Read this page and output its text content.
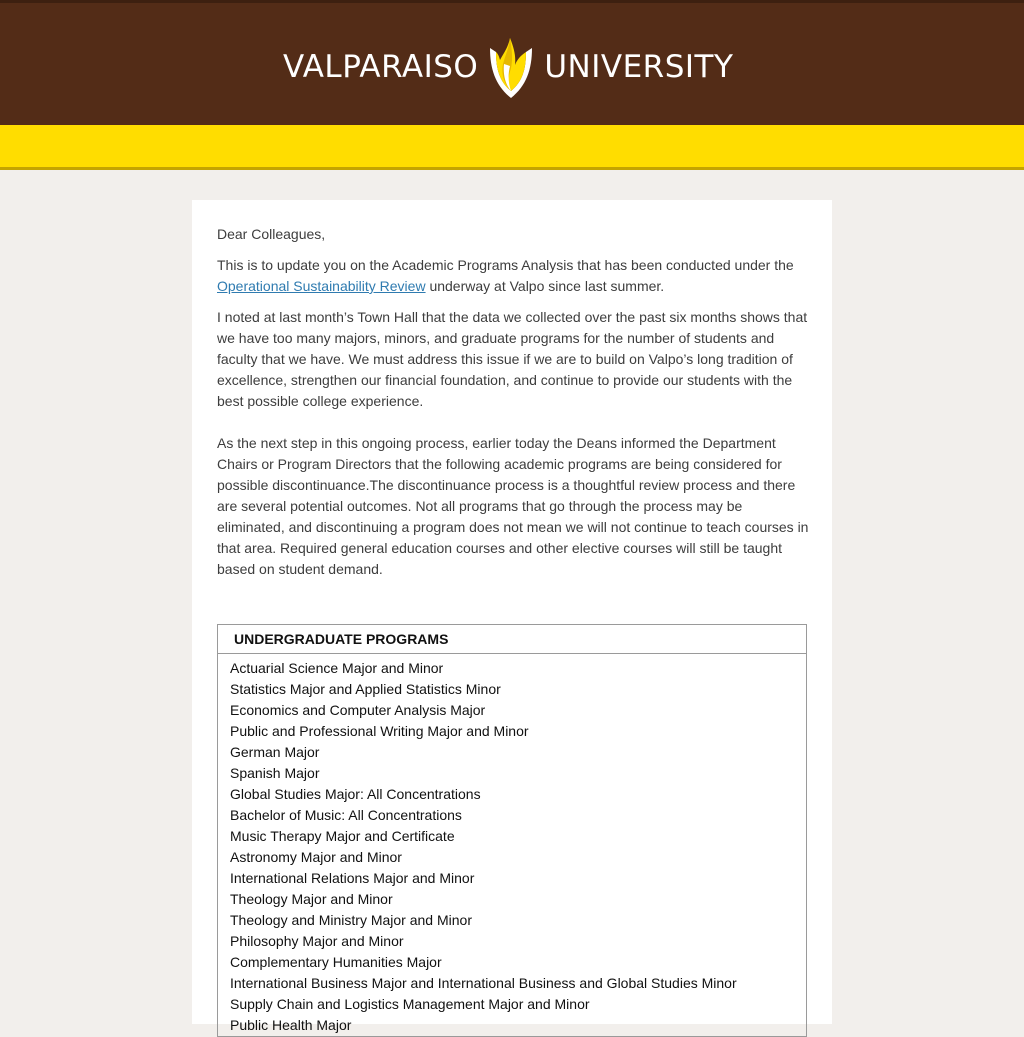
VALPARAISO UNIVERSITY

Dear Colleagues,

This is to update you on the Academic Programs Analysis that has been conducted under the Operational Sustainability Review underway at Valpo since last summer.

I noted at last month’s Town Hall that the data we collected over the past six months shows that we have too many majors, minors, and graduate programs for the number of students and faculty that we have. We must address this issue if we are to build on Valpo’s long tradition of excellence, strengthen our financial foundation, and continue to provide our students with the best possible college experience.

As the next step in this ongoing process, earlier today the Deans informed the Department Chairs or Program Directors that the following academic programs are being considered for possible discontinuance.The discontinuance process is a thoughtful review process and there are several potential outcomes. Not all programs that go through the process may be eliminated, and discontinuing a program does not mean we will not continue to teach courses in that area. Required general education courses and other elective courses will still be taught based on student demand.

UNDERGRADUATE PROGRAMS
Actuarial Science Major and Minor
Statistics Major and Applied Statistics Minor
Economics and Computer Analysis Major
Public and Professional Writing Major and Minor
German Major
Spanish Major
Global Studies Major: All Concentrations
Bachelor of Music: All Concentrations
Music Therapy Major and Certificate
Astronomy Major and Minor
International Relations Major and Minor
Theology Major and Minor
Theology and Ministry Major and Minor
Philosophy Major and Minor
Complementary Humanities Major
International Business Major and International Business and Global Studies Minor
Supply Chain and Logistics Management Major and Minor
Public Health Major
